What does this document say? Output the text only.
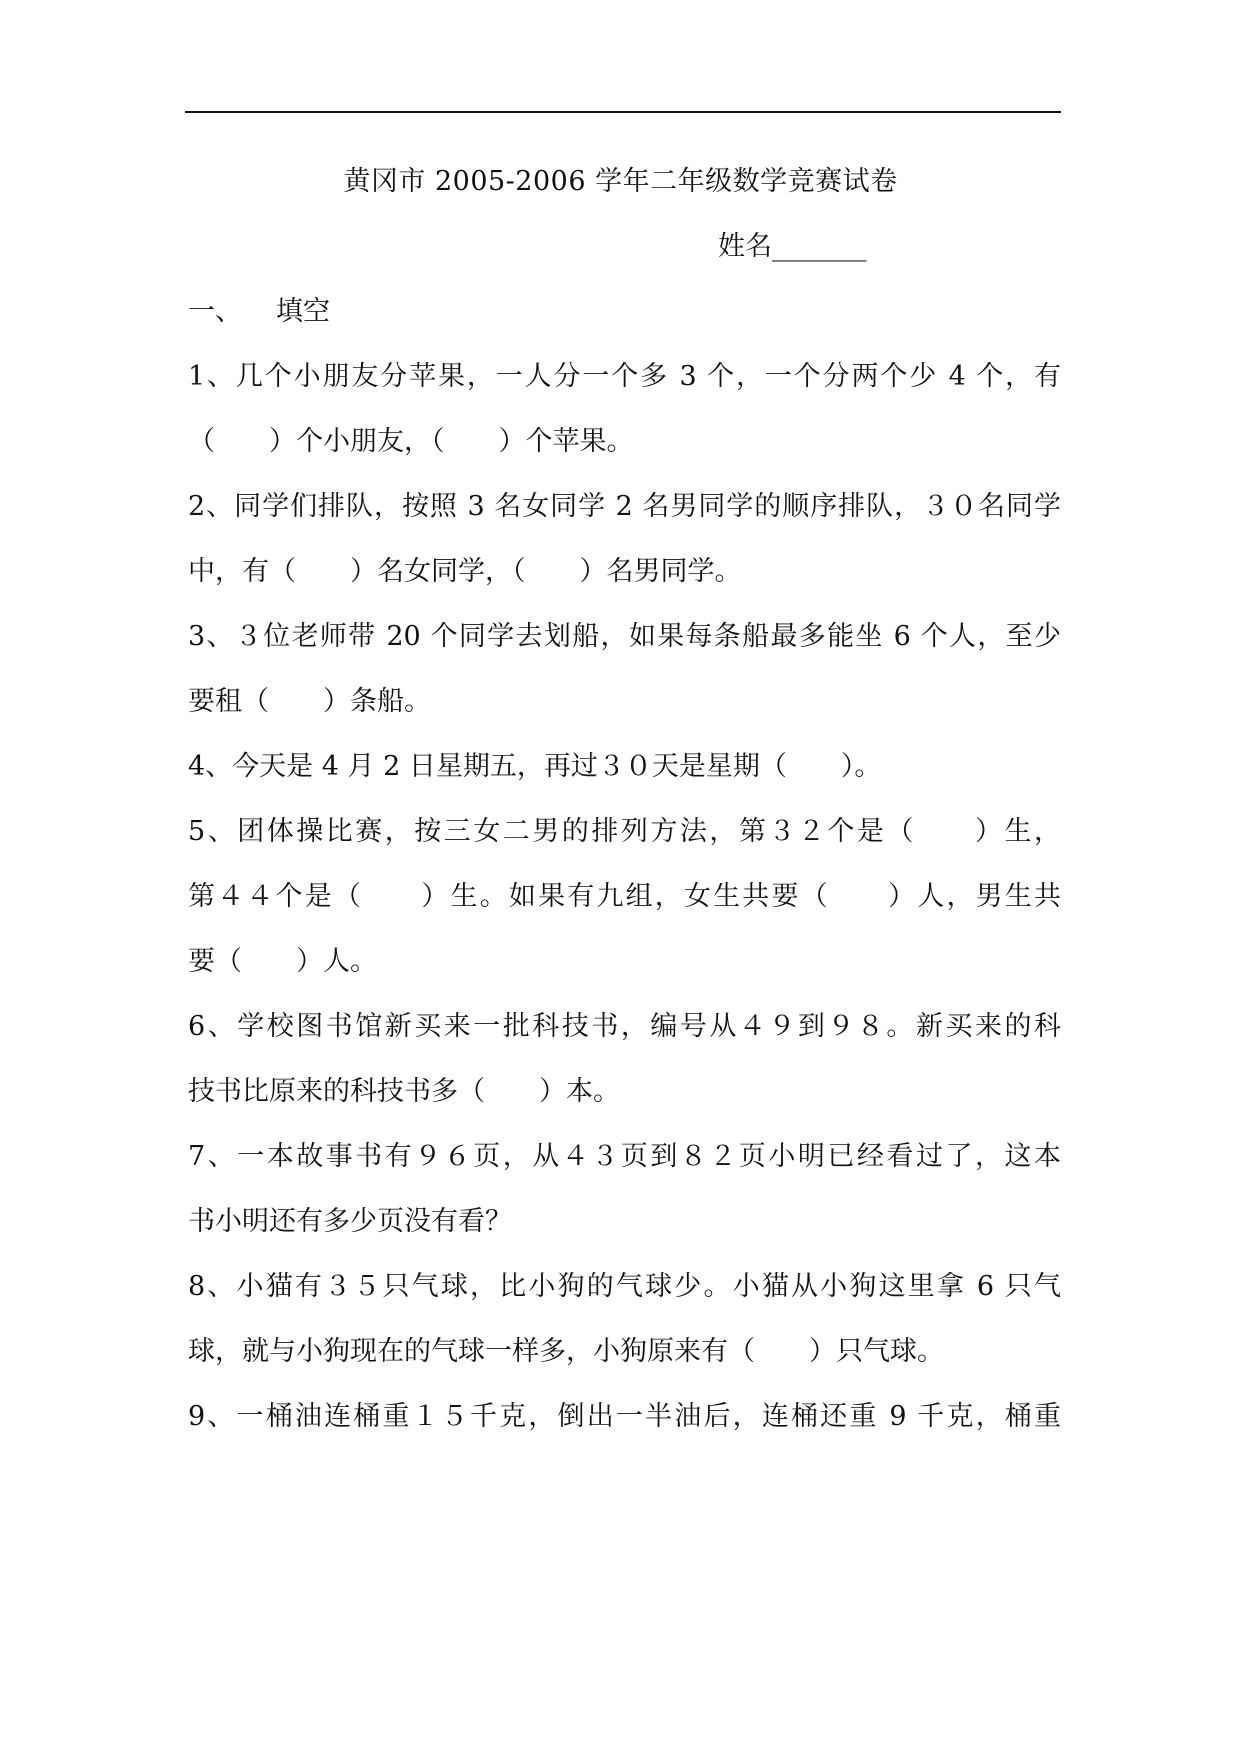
黄冈市 2005-2006 学年二年级数学竞赛试卷
姓名_______
一、 填空
1、几个小朋友分苹果，一人分一个多 3 个，一个分两个少 4 个，有
（　　）个小朋友，（　　）个苹果。
2、同学们排队，按照 3 名女同学 2 名男同学的顺序排队，３０名同学
中，有（　　）名女同学，（　　）名男同学。
3、３位老师带 20 个同学去划船，如果每条船最多能坐 6 个人，至少
要租（　　）条船。
4、今天是 4 月 2 日星期五，再过３０天是星期（　　）。
5、团体操比赛，按三女二男的排列方法，第３２个是（　　）生，
第４４个是（　　）生。如果有九组，女生共要（　　）人，男生共
要（　　）人。
6、学校图书馆新买来一批科技书，编号从４９到９８。新买来的科
技书比原来的科技书多（　　）本。
7、一本故事书有９６页，从４３页到８２页小明已经看过了，这本
书小明还有多少页没有看？
8、小猫有３５只气球，比小狗的气球少。小猫从小狗这里拿 6 只气
球，就与小狗现在的气球一样多，小狗原来有（　　）只气球。
9、一桶油连桶重１５千克，倒出一半油后，连桶还重 9 千克，桶重
